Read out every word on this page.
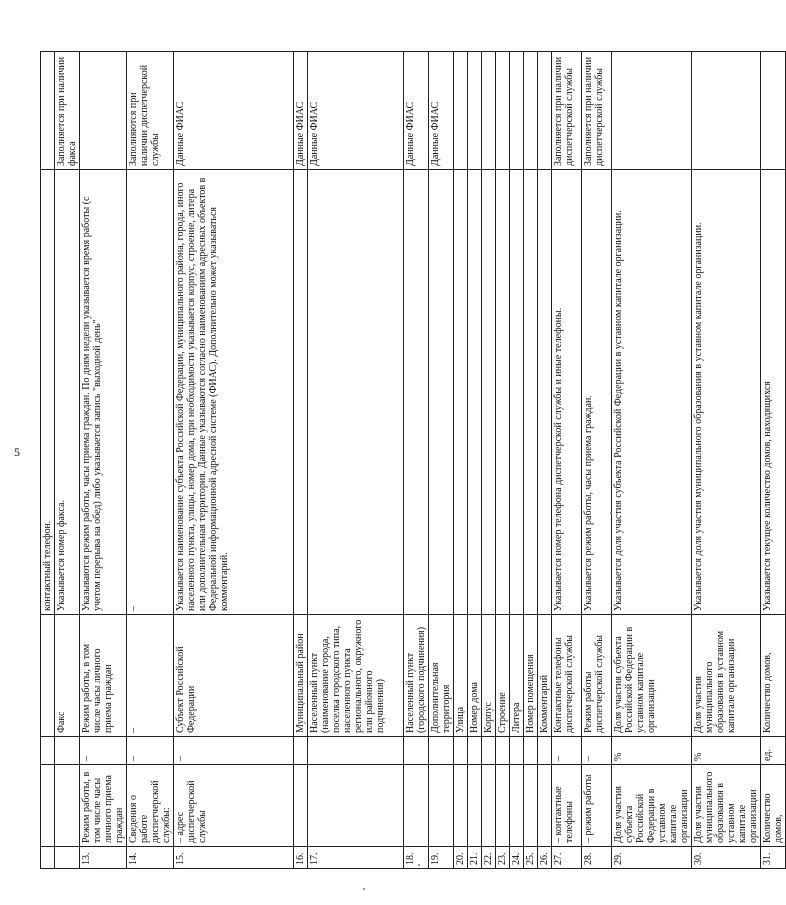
5
				контактный телефон.	
			Факс	Указывается номер факса.	Заполняется при наличии факса
13.	Режим работы, в том числе часы личного приема граждан	–	Режим работы, в том числе часы личного приема граждан	Указываются режим работы, часы приема граждан. По дням недели указывается время работы (с учетом перерыва на обед) либо указывается запись "выходной день"	
14.	Сведения о работе диспетчерской службы:	–	–	–	Заполняются при наличии диспетчерской службы
15.	– адрес диспетчерской службы	–	Субъект Российской Федерации	Указывается наименование субъекта Российской Федерации, муниципального района, города, иного населенного пункта, улицы, номер дома, при необходимости указывается корпус, строение, литера или дополнительная территория. Данные указываются согласно наименованиям адресных объектов в Федеральной информационной адресной системе (ФИАС). Дополнительно может указываться комментарий.	Данные ФИАС
16.			Муниципальный район		Данные ФИАС
17.			Населенный пункт (наименование города, поселка городского типа, населенного пункта регионального, окружного или районного подчинения)		Данные ФИАС
18.			Населенный пункт (городского подчинения)		Данные ФИАС
19.			Дополнительная территория		Данные ФИАС
20.			Улица		
21.			Номер дома		
22.			Корпус		
23.			Строение		
24.			Литера		
25.			Номер помещения		
26.			Комментарий		
27.	– контактные телефоны	–	Контактные телефоны диспетчерской службы	Указывается номер телефона диспетчерской службы и иные телефоны.	Заполняется при наличии диспетчерской службы
28.	– режим работы	–	Режим работы диспетчерской службы	Указывается режим работы, часы приема граждан.	Заполняется при наличии диспетчерской службы
29.	Доля участия субъекта Российской Федерации в уставном капитале организации	%	Доля участия субъекта Российской Федерации в уставном капитале организации	Указывается доля участия субъекта Российской Федерации в уставном капитале организации.	
30.	Доля участия муниципального образования в уставном капитале организации	%	Доля участия муниципального образования в уставном капитале организации	Указывается доля участия муниципального образования в уставном капитале организации.	
31.	Количество домов,	ед.	Количество домов,	Указывается текущее количество домов, находящихся	
